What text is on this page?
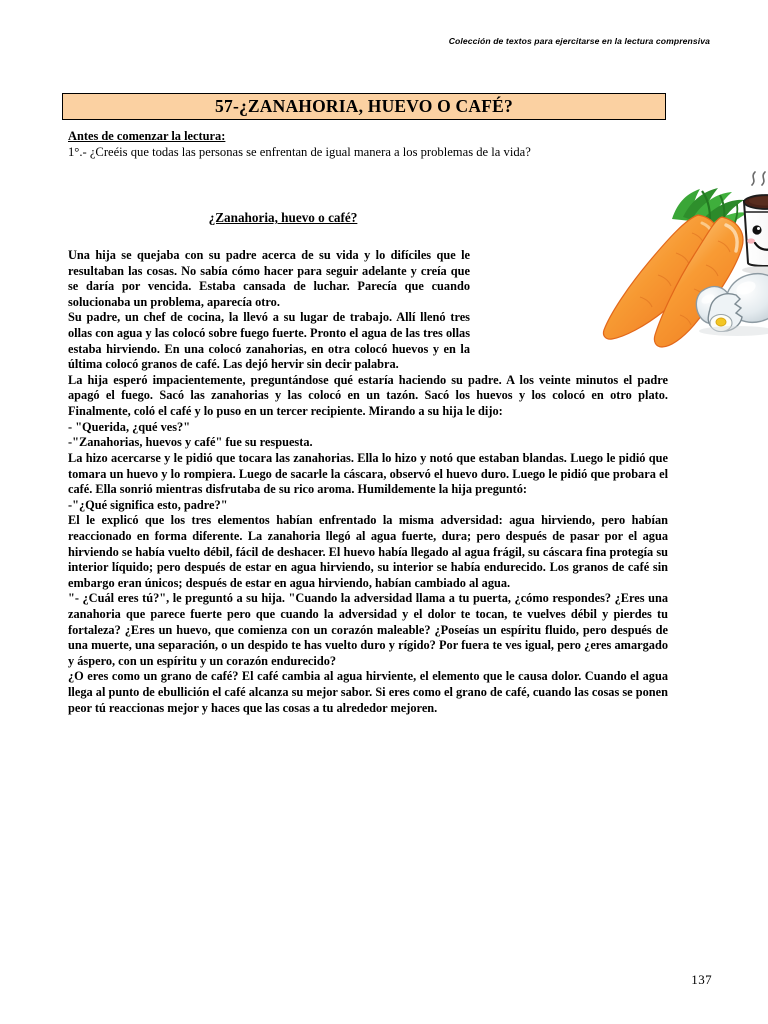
Colección de textos para ejercitarse en la lectura comprensiva
57-¿ZANAHORIA, HUEVO O CAFÉ?

Antes de comenzar la lectura:

1°.- ¿Creéis que todas las personas se enfrentan de igual manera a los problemas de la vida?

¿Zanahoria, huevo o café?

Una hija se quejaba con su padre acerca de su vida y lo difíciles que le resultaban las cosas. No sabía cómo hacer para seguir adelante y creía que se daría por vencida. Estaba cansada de luchar. Parecía que cuando solucionaba un problema, aparecía otro.

Su padre, un chef de cocina, la llevó a su lugar de trabajo. Allí llenó tres ollas con agua y las colocó sobre fuego fuerte. Pronto el agua de las tres ollas estaba hirviendo. En una colocó zanahorias, en otra colocó huevos y en la última colocó granos de café. Las dejó hervir sin decir palabra.

La hija esperó impacientemente, preguntándose qué estaría haciendo su padre. A los veinte minutos el padre apagó el fuego. Sacó las zanahorias y las colocó en un tazón. Sacó los huevos y los colocó en otro plato. Finalmente, coló el café y lo puso en un tercer recipiente. Mirando a su hija le dijo:

- "Querida, ¿qué ves?"

-"Zanahorias, huevos y café" fue su respuesta.

La hizo acercarse y le pidió que tocara las zanahorias. Ella lo hizo y notó que estaban blandas. Luego le pidió que tomara un huevo y lo rompiera. Luego de sacarle la cáscara, observó el huevo duro. Luego le pidió que probara el café. Ella sonrió mientras disfrutaba de su rico aroma. Humildemente la hija preguntó:

-"¿Qué significa esto, padre?"

El le explicó que los tres elementos habían enfrentado la misma adversidad: agua hirviendo, pero habían reaccionado en forma diferente. La zanahoria llegó al agua fuerte, dura; pero después de pasar por el agua hirviendo se había vuelto débil, fácil de deshacer. El huevo había llegado al agua frágil, su cáscara fina protegía su interior líquido; pero después de estar en agua hirviendo, su interior se había endurecido. Los granos de café sin embargo eran únicos; después de estar en agua hirviendo, habían cambiado al agua.

"- ¿Cuál eres tú?", le preguntó a su hija. "Cuando la adversidad llama a tu puerta, ¿cómo respondes? ¿Eres una zanahoria que parece fuerte pero que cuando la adversidad y el dolor te tocan, te vuelves débil y pierdes tu fortaleza? ¿Eres un huevo, que comienza con un corazón maleable? ¿Poseías un espíritu fluido, pero después de una muerte, una separación, o un despido te has vuelto duro y rígido? Por fuera te ves igual, pero ¿eres amargado y áspero, con un espíritu y un corazón endurecido?

¿O eres como un grano de café? El café cambia al agua hirviente, el elemento que le causa dolor. Cuando el agua llega al punto de ebullición el café alcanza su mejor sabor. Si eres como el grano de café, cuando las cosas se ponen peor tú reaccionas mejor y haces que las cosas a tu alrededor mejoren.

137
